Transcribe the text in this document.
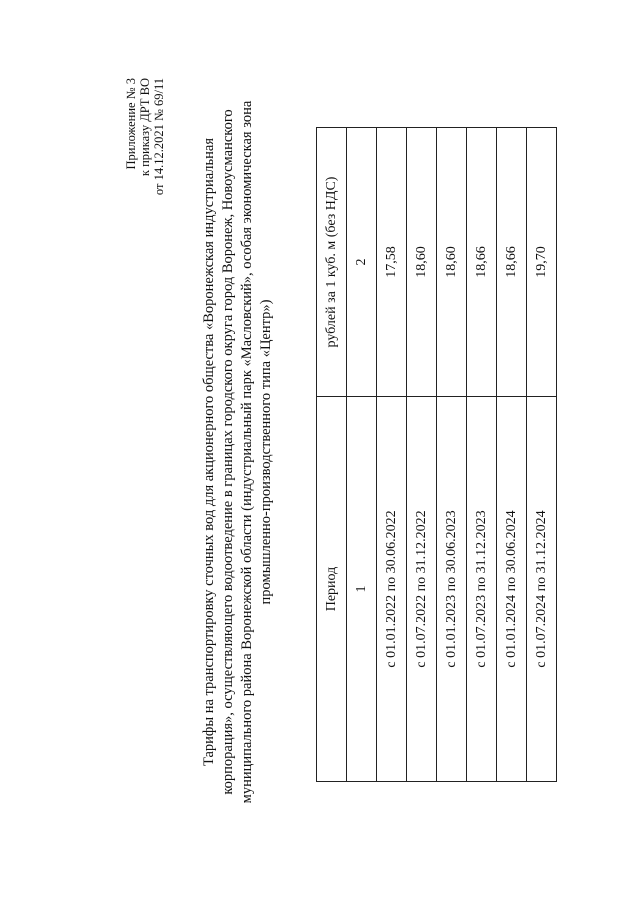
Приложение № 3 к приказу ДРТ ВО от 14.12.2021 № 69/11
Тарифы на транспортировку сточных вод для акционерного общества «Воронежская индустриальная корпорация», осуществляющего водоотведение в границах городского округа город Воронеж, Новоусманского муниципального района Воронежской области (индустриальный парк «Масловский», особая экономическая зона промышленно-производственного типа «Центр»)	Период	рублей за 1 куб. м (без НДС)
1	2
с 01.01.2022 по 30.06.2022	17,58
с 01.07.2022 по 31.12.2022	18,60
с 01.01.2023 по 30.06.2023	18,60
с 01.07.2023 по 31.12.2023	18,66
с 01.01.2024 по 30.06.2024	18,66
с 01.07.2024 по 31.12.2024	19,70
